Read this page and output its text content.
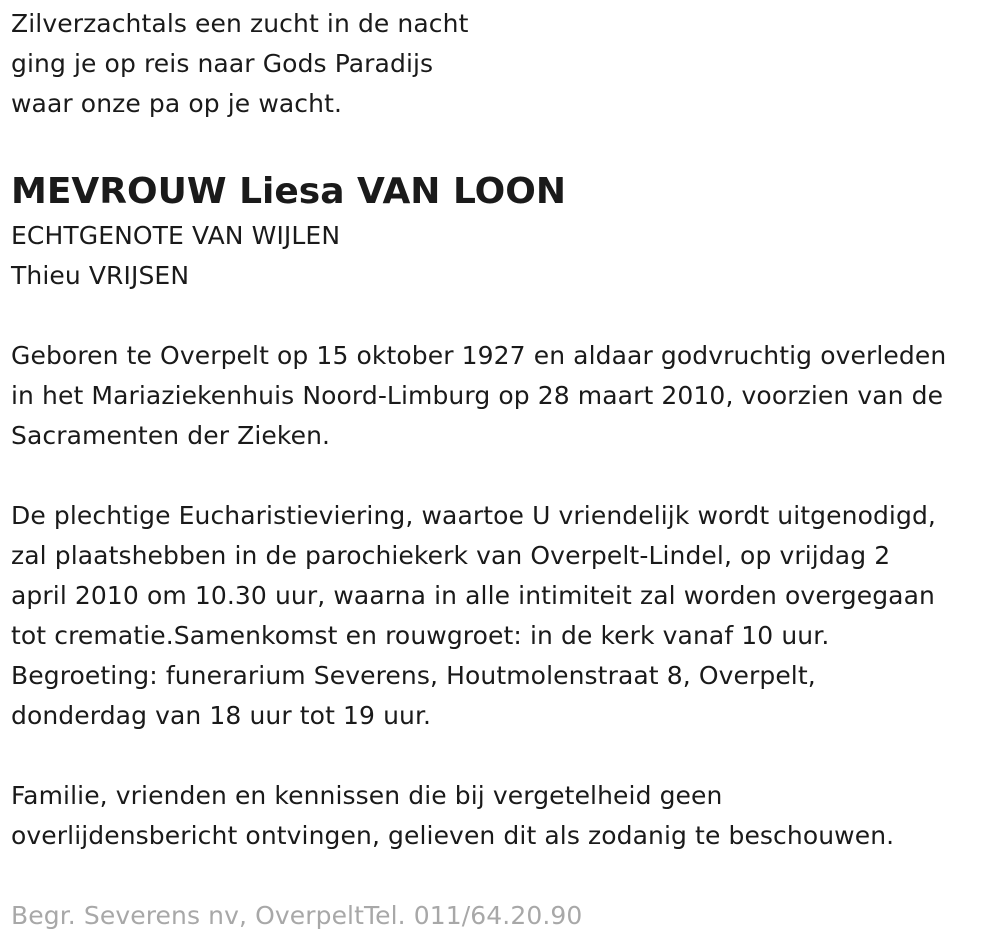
Zilverzachtals een zucht in de nacht
ging je op reis naar Gods Paradijs
waar onze pa op je wacht.
MEVROUW Liesa VAN LOON
ECHTGENOTE VAN WIJLEN
Thieu VRIJSEN
Geboren te Overpelt op 15 oktober 1927 en aldaar godvruchtig overleden
in het Mariaziekenhuis Noord-Limburg op 28 maart 2010, voorzien van de
Sacramenten der Zieken.
De plechtige Eucharistieviering, waartoe U vriendelijk wordt uitgenodigd,
zal plaatshebben in de parochiekerk van Overpelt-Lindel, op vrijdag 2
april 2010 om 10.30 uur, waarna in alle intimiteit zal worden overgegaan
tot crematie.Samenkomst en rouwgroet: in de kerk vanaf 10 uur.
Begroeting: funerarium Severens, Houtmolenstraat 8, Overpelt,
donderdag van 18 uur tot 19 uur.
Familie, vrienden en kennissen die bij vergetelheid geen
overlijdensbericht ontvingen, gelieven dit als zodanig te beschouwen.
Begr. Severens nv, OverpeltTel. 011/64.20.90
